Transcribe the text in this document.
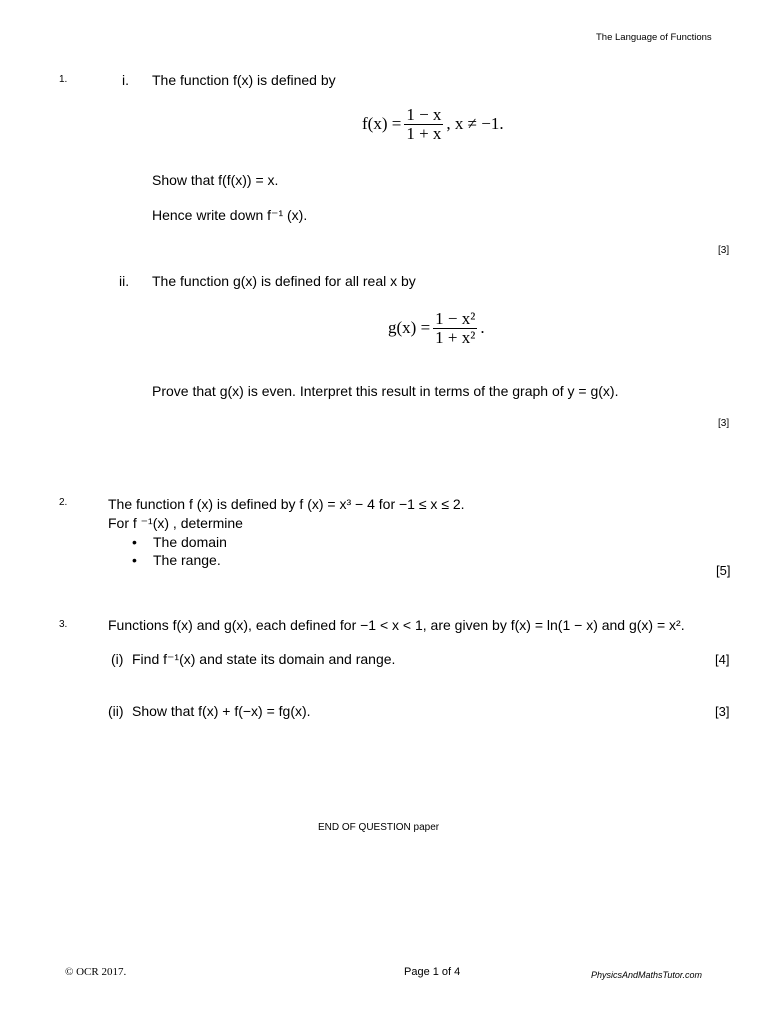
The Language of Functions
1.	i. The function f(x) is defined by
$f(x) = \frac{1 - x}{1 + x}$ , x ≠ −1.
Show that f(f(x)) = x.
Hence write down f⁻¹ (x).
[3]
ii. The function g(x) is defined for all real x by
$g(x) = \frac{\text{1 − x²}}{\text{1 + x²}}$ .
Prove that g(x) is even. Interpret this result in terms of the graph of y = g(x).
[3]
2.	The function f (x) is defined by f (x) = x³ − 4 for −1 ≤ x ≤ 2.
For f ⁻¹(x) , determine
• The domain
• The range.
[5]
3.	Functions f(x) and g(x), each defined for −1 < x < 1, are given by f(x) = ln(1 − x) and g(x) = x².
(i) Find f⁻¹(x) and state its domain and range.	[4]
(ii) Show that f(x) + f(−x) = fg(x).	[3]
END OF QUESTION paper
© OCR 2017.	Page 1 of 4	PhysicsAndMathsTutor.com
